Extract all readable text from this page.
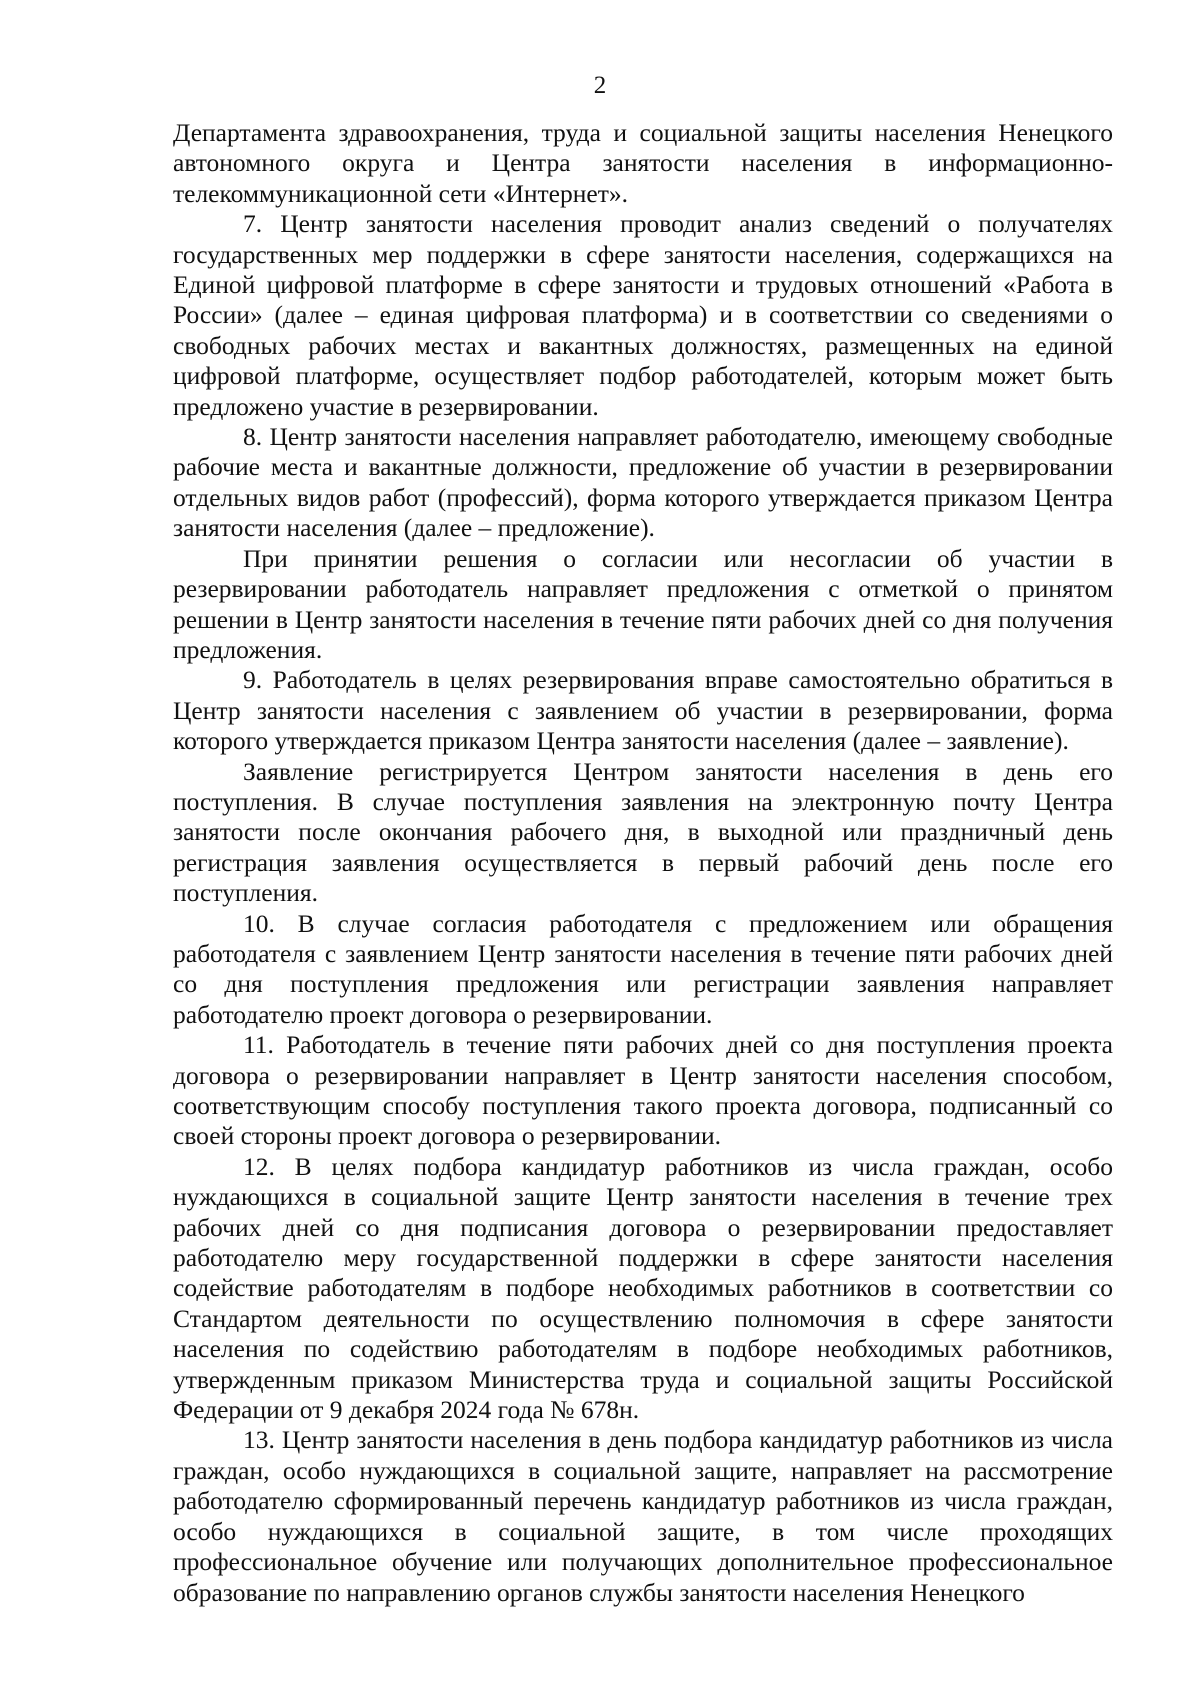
2

Департамента здравоохранения, труда и социальной защиты населения Ненецкого автономного округа и Центра занятости населения в информационно-телекоммуникационной сети «Интернет».

7. Центр занятости населения проводит анализ сведений о получателях государственных мер поддержки в сфере занятости населения, содержащихся на Единой цифровой платформе в сфере занятости и трудовых отношений «Работа в России» (далее – единая цифровая платформа) и в соответствии со сведениями о свободных рабочих местах и вакантных должностях, размещенных на единой цифровой платформе, осуществляет подбор работодателей, которым может быть предложено участие в резервировании.

8. Центр занятости населения направляет работодателю, имеющему свободные рабочие места и вакантные должности, предложение об участии в резервировании отдельных видов работ (профессий), форма которого утверждается приказом Центра занятости населения (далее – предложение).

При принятии решения о согласии или несогласии об участии в резервировании работодатель направляет предложения с отметкой о принятом решении в Центр занятости населения в течение пяти рабочих дней со дня получения предложения.

9. Работодатель в целях резервирования вправе самостоятельно обратиться в Центр занятости населения с заявлением об участии в резервировании, форма которого утверждается приказом Центра занятости населения (далее – заявление).

Заявление регистрируется Центром занятости населения в день его поступления. В случае поступления заявления на электронную почту Центра занятости после окончания рабочего дня, в выходной или праздничный день регистрация заявления осуществляется в первый рабочий день после его поступления.

10. В случае согласия работодателя с предложением или обращения работодателя с заявлением Центр занятости населения в течение пяти рабочих дней со дня поступления предложения или регистрации заявления направляет работодателю проект договора о резервировании.

11. Работодатель в течение пяти рабочих дней со дня поступления проекта договора о резервировании направляет в Центр занятости населения способом, соответствующим способу поступления такого проекта договора, подписанный со своей стороны проект договора о резервировании.

12. В целях подбора кандидатур работников из числа граждан, особо нуждающихся в социальной защите Центр занятости населения в течение трех рабочих дней со дня подписания договора о резервировании предоставляет работодателю меру государственной поддержки в сфере занятости населения содействие работодателям в подборе необходимых работников в соответствии со Стандартом деятельности по осуществлению полномочия в сфере занятости населения по содействию работодателям в подборе необходимых работников, утвержденным приказом Министерства труда и социальной защиты Российской Федерации от 9 декабря 2024 года № 678н.

13. Центр занятости населения в день подбора кандидатур работников из числа граждан, особо нуждающихся в социальной защите, направляет на рассмотрение работодателю сформированный перечень кандидатур работников из числа граждан, особо нуждающихся в социальной защите, в том числе проходящих профессиональное обучение или получающих дополнительное профессиональное образование по направлению органов службы занятости населения Ненецкого
